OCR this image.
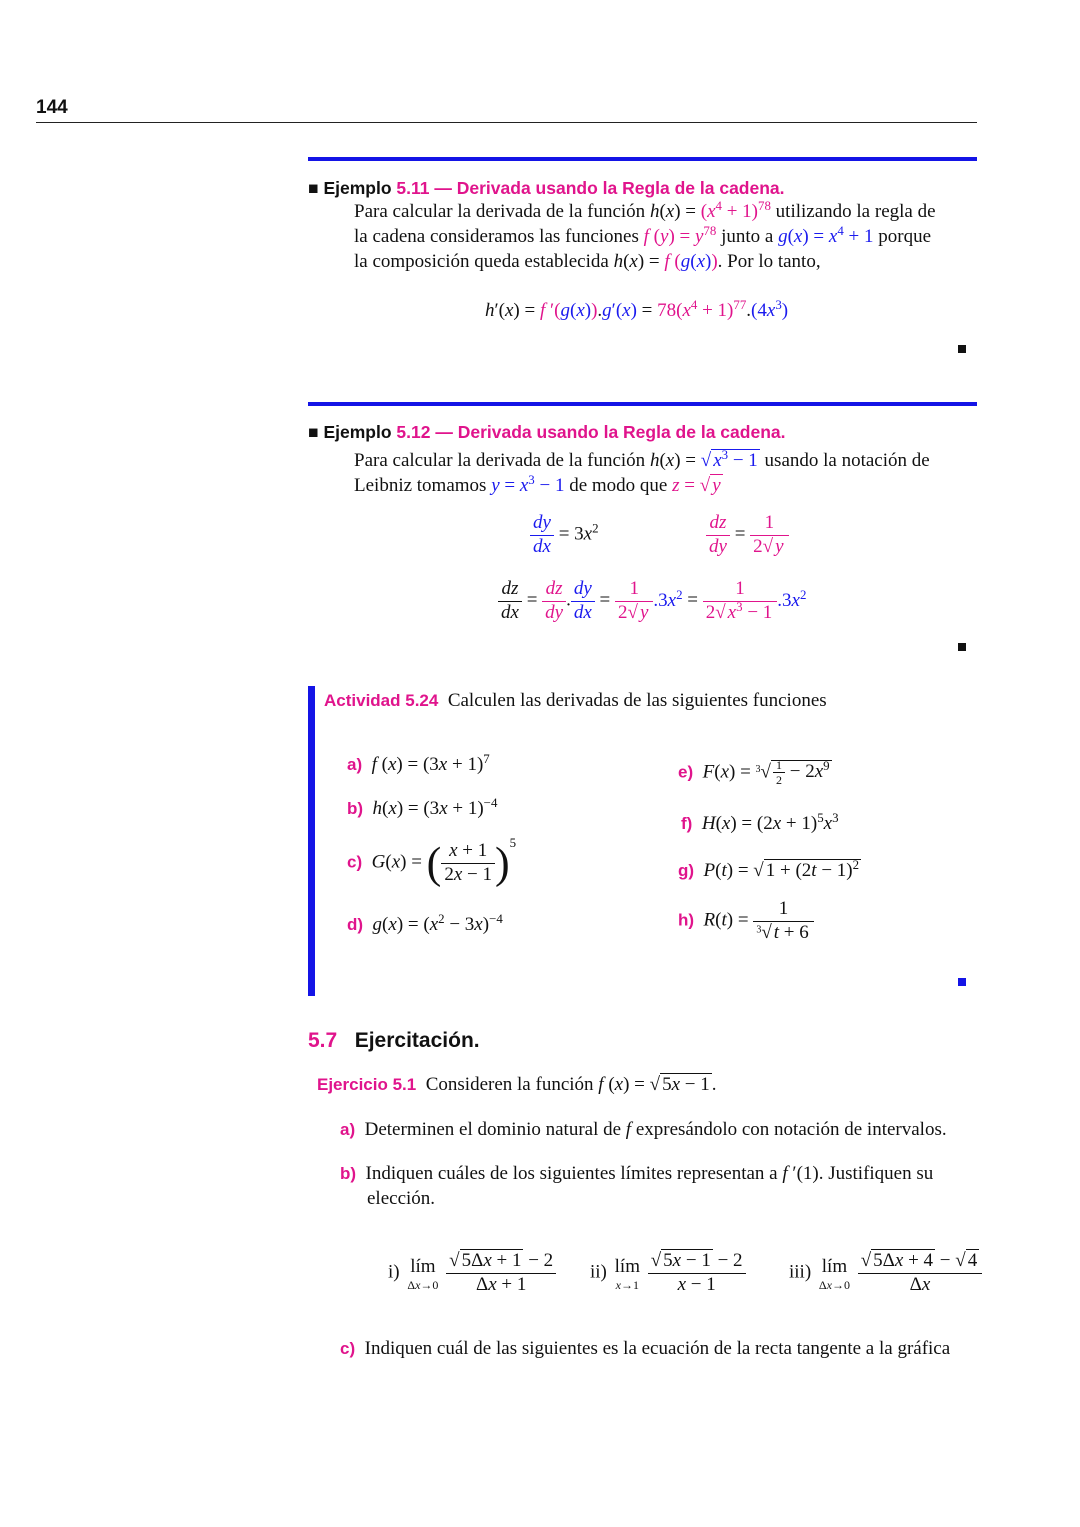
144
■ Ejemplo 5.11 — Derivada usando la Regla de la cadena.
Para calcular la derivada de la función $h(x) = (x^4 + 1)^{78}$ utilizando la regla de
la cadena consideramos las funciones f $(y) = y^{78}$ junto a $g(x) = x^4 + 1$ porque
la composición queda establecida h(x) = f (g(x)). Por lo tanto,
h′(x) = f $'(g(x)).g'(x) = 78(x^4 + 1)^{77}.(4x^3)$
■ Ejemplo 5.12 — Derivada usando la Regla de la cadena.
Para calcular la derivada de la función h(x) = √ $x^3 - 1$ usando la notación de
Leibniz tomamos $y = x^3 - 1$ de modo que z = √ y
$\frac{dy}{dx} = 3x^2$	$\frac{dz}{dy} = \frac{1}{2√ y}$
$\frac{dz}{dx} = \frac{dz}{dy}$ . $\frac{dy}{dx} = \frac{1}{2√ y} .3x^2 = \frac{1}{2√ x^3 - 1} .3x^2$
Actividad 5.24 Calculen las derivadas de las siguientes funciones
a) f $(x) = (3x + 1)^7$
b) $h(x) = (3x + 1)^{-4}$
c) G(x) = ( $\frac{x + 1}{2x - 1} )^5$
d) $g(x) = (x^2 - 3x)^{-4}$
e) $F(x) = ^3√ \frac{1}{2} - 2x^9$
f) $H(x) = (2x + 1)^5x^3$
g) P(t) = √ $1 + (2t - 1)^2$
h) $R(t) = \frac{1}{^3√ t + 6}$
5.7 Ejercitación.
Ejercicio 5.1 Consideren la función f (x) = √ 5x − 1 .
a) Determinen el dominio natural de f expresándolo con notación de intervalos.
b) Indiquen cuáles de los siguientes límites representan a f ′(1). Justifiquen su
elección.
i) lím
Δx→0
$\frac{√ 5\Delta x + 1 - 2}{\Delta x + 1} ii$) lím
x→1
$\frac{√ 5x - 1 - 2}{x - 1} iii$) lím
Δx→0
$\frac{√ 5\Delta x + 4 - √ 4}{\Delta x}$
c) Indiquen cuál de las siguientes es la ecuación de la recta tangente a la gráfica
